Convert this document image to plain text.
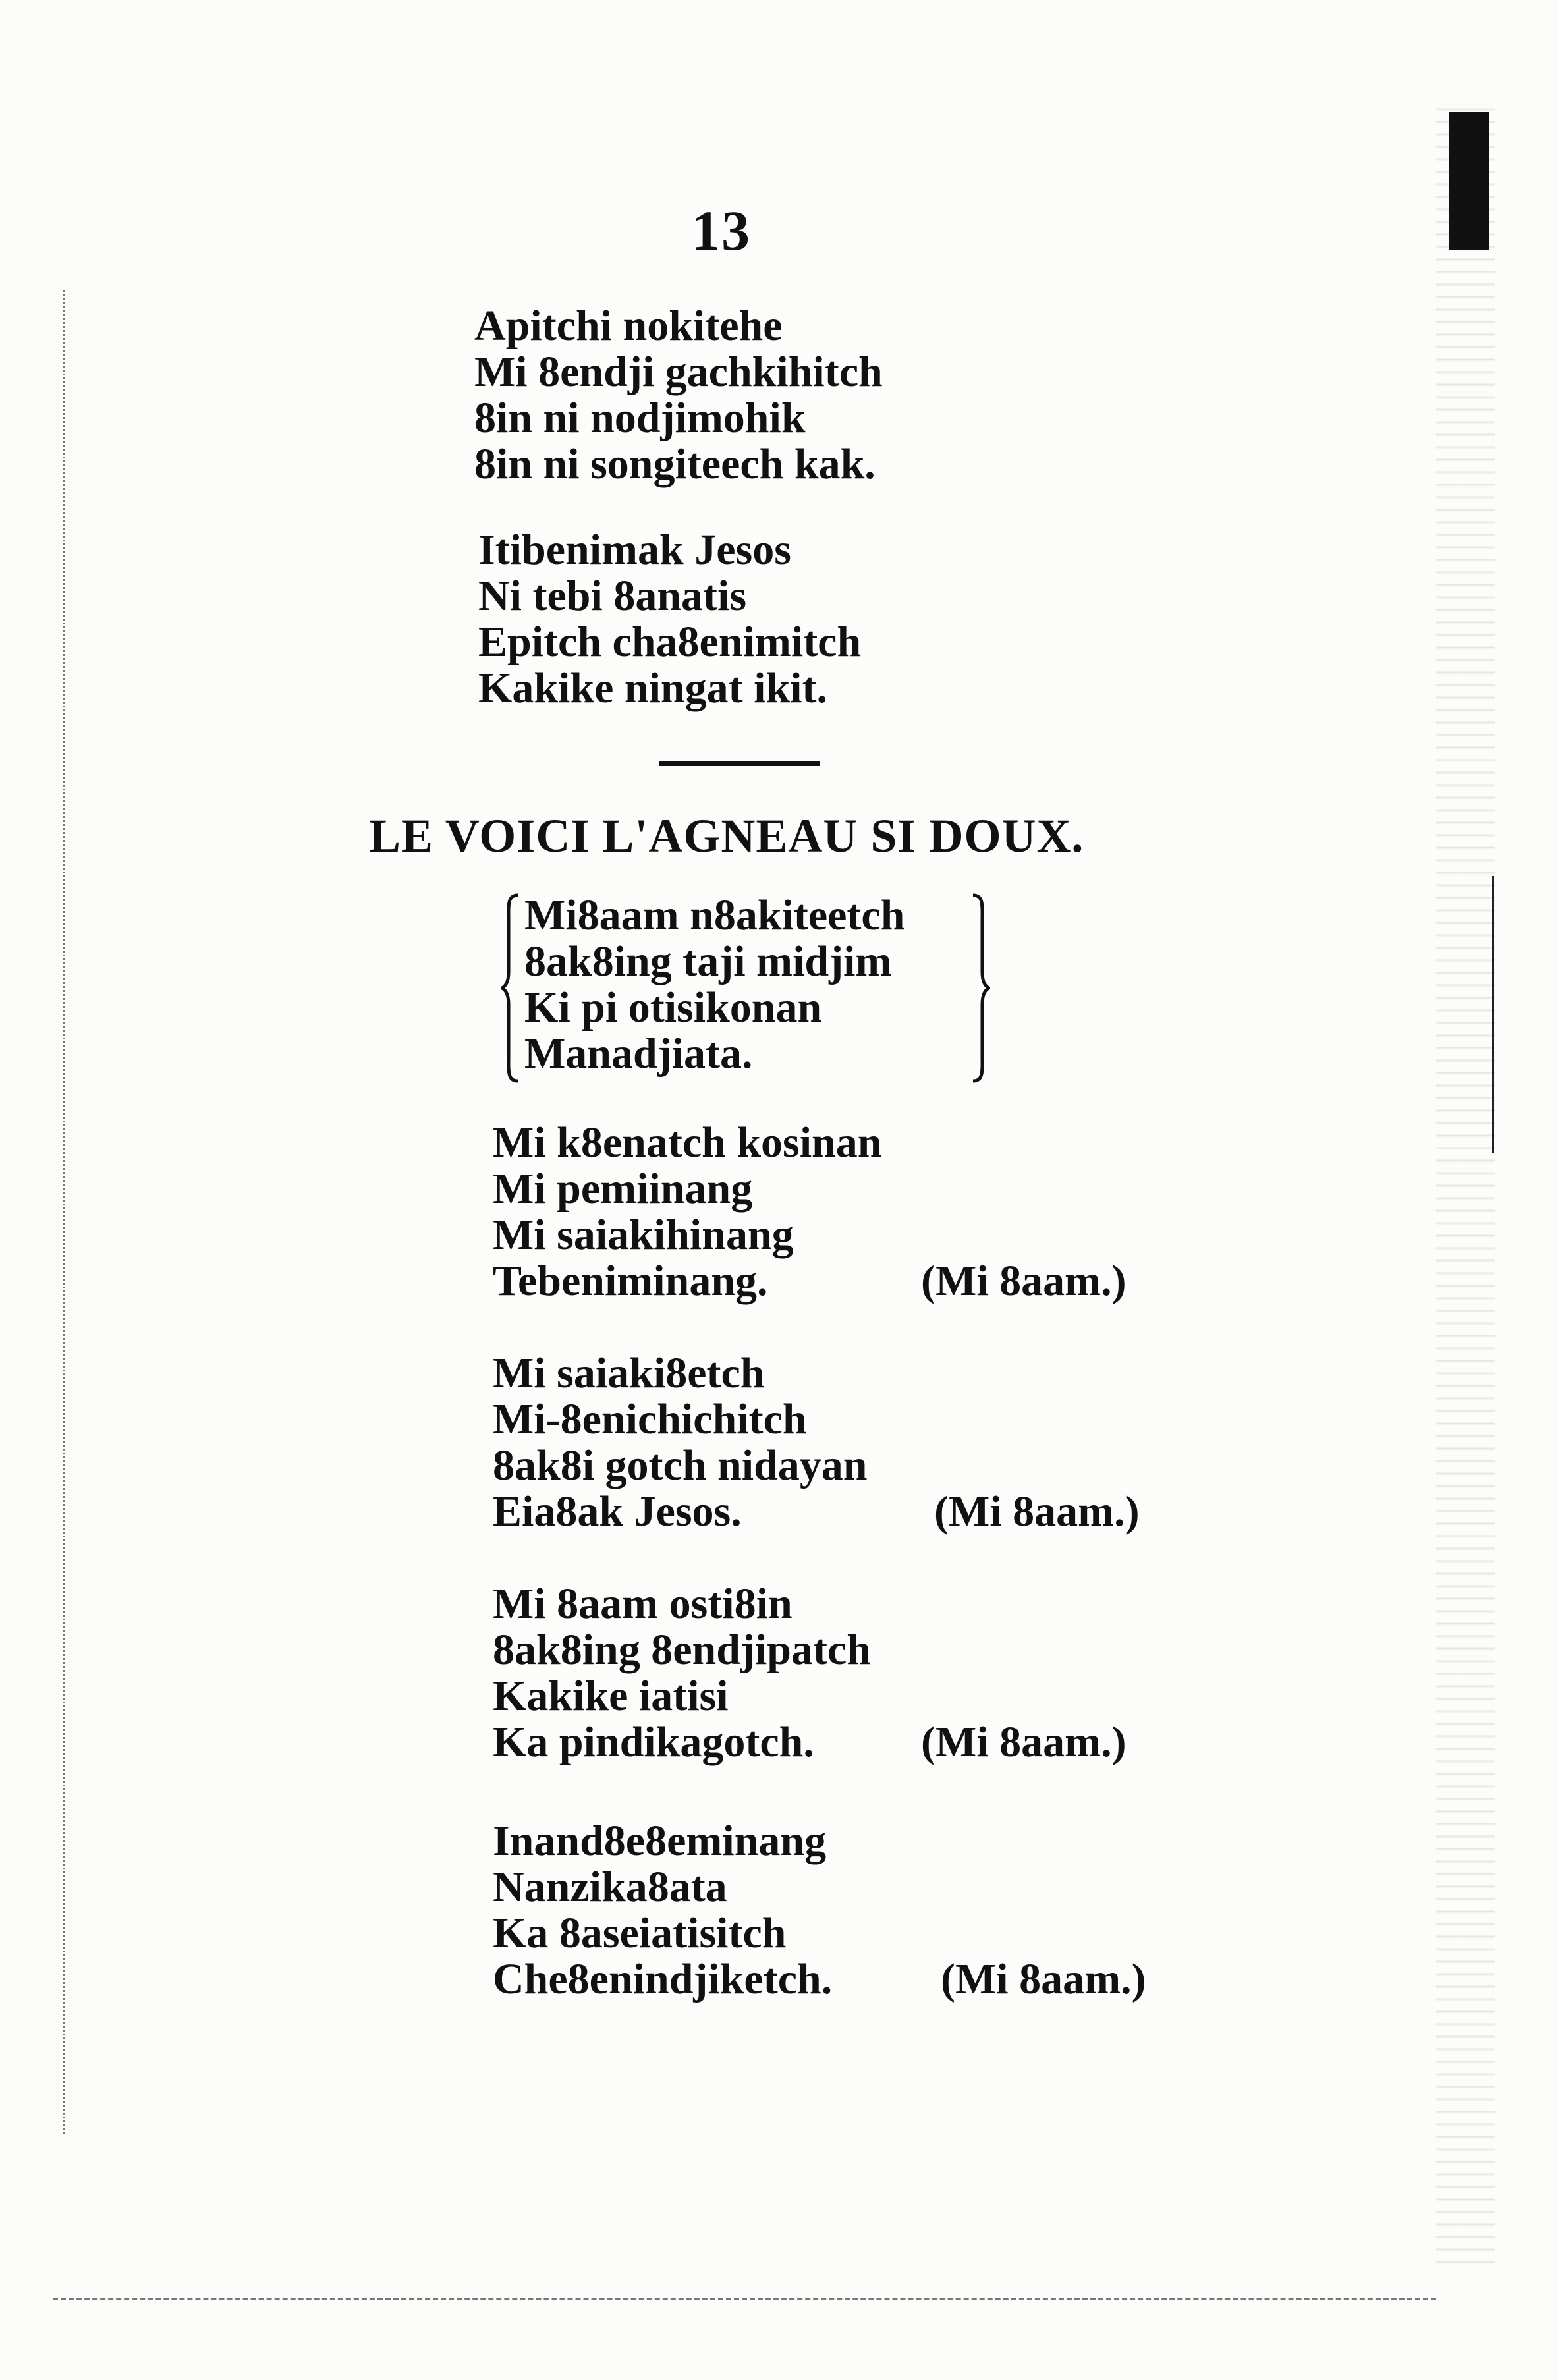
13
Apitchi nokitehe
Mi 8endji gachkihitch
8in ni nodjimohik
8in ni songiteech kak.
Itibenimak Jesos
Ni tebi 8anatis
Epitch cha8enimitch
Kakike ningat ikit.
LE VOICI L'AGNEAU SI DOUX.
Mi8aam n8akiteetch
8ak8ing taji midjim
Ki pi otisikonan
Manadjiata.
Mi k8enatch kosinan
Mi pemiinang
Mi saiakihinang
Tebeniminang.	(Mi 8aam.)
Mi saiaki8etch
Mi-8enichichitch
8ak8i gotch nidayan
Eia8ak Jesos.	(Mi 8aam.)
Mi 8aam osti8in
8ak8ing 8endjipatch
Kakike iatisi
Ka pindikagotch. (Mi 8aam.)
Inand8e8eminang
Nanzika8ata
Ka 8aseiatisitch
Che8enindjiketch. (Mi 8aam.)
